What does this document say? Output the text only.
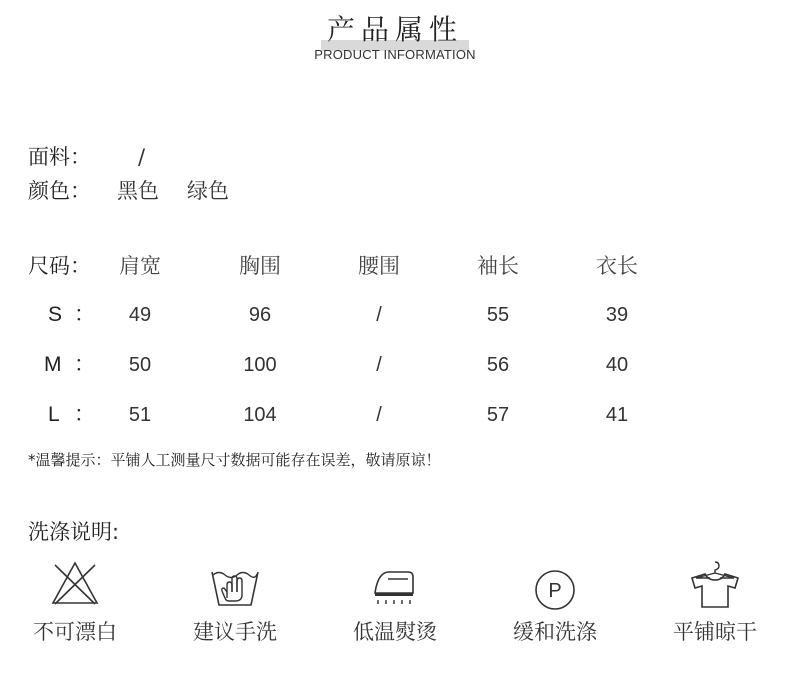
产品属性
PRODUCT INFORMATION
面料： /
颜色： 黑色 绿色
尺码：	肩宽	胸围	腰围	袖长	衣长
S ：	49	96	/	55	39
M ：	50	100	/	56	40
L ：	51	104	/	57	41
*温馨提示：平铺人工测量尺寸数据可能存在误差，敬请原谅！
洗涤说明:
P
不可漂白	建议手洗	低温熨烫	缓和洗涤	平铺晾干
